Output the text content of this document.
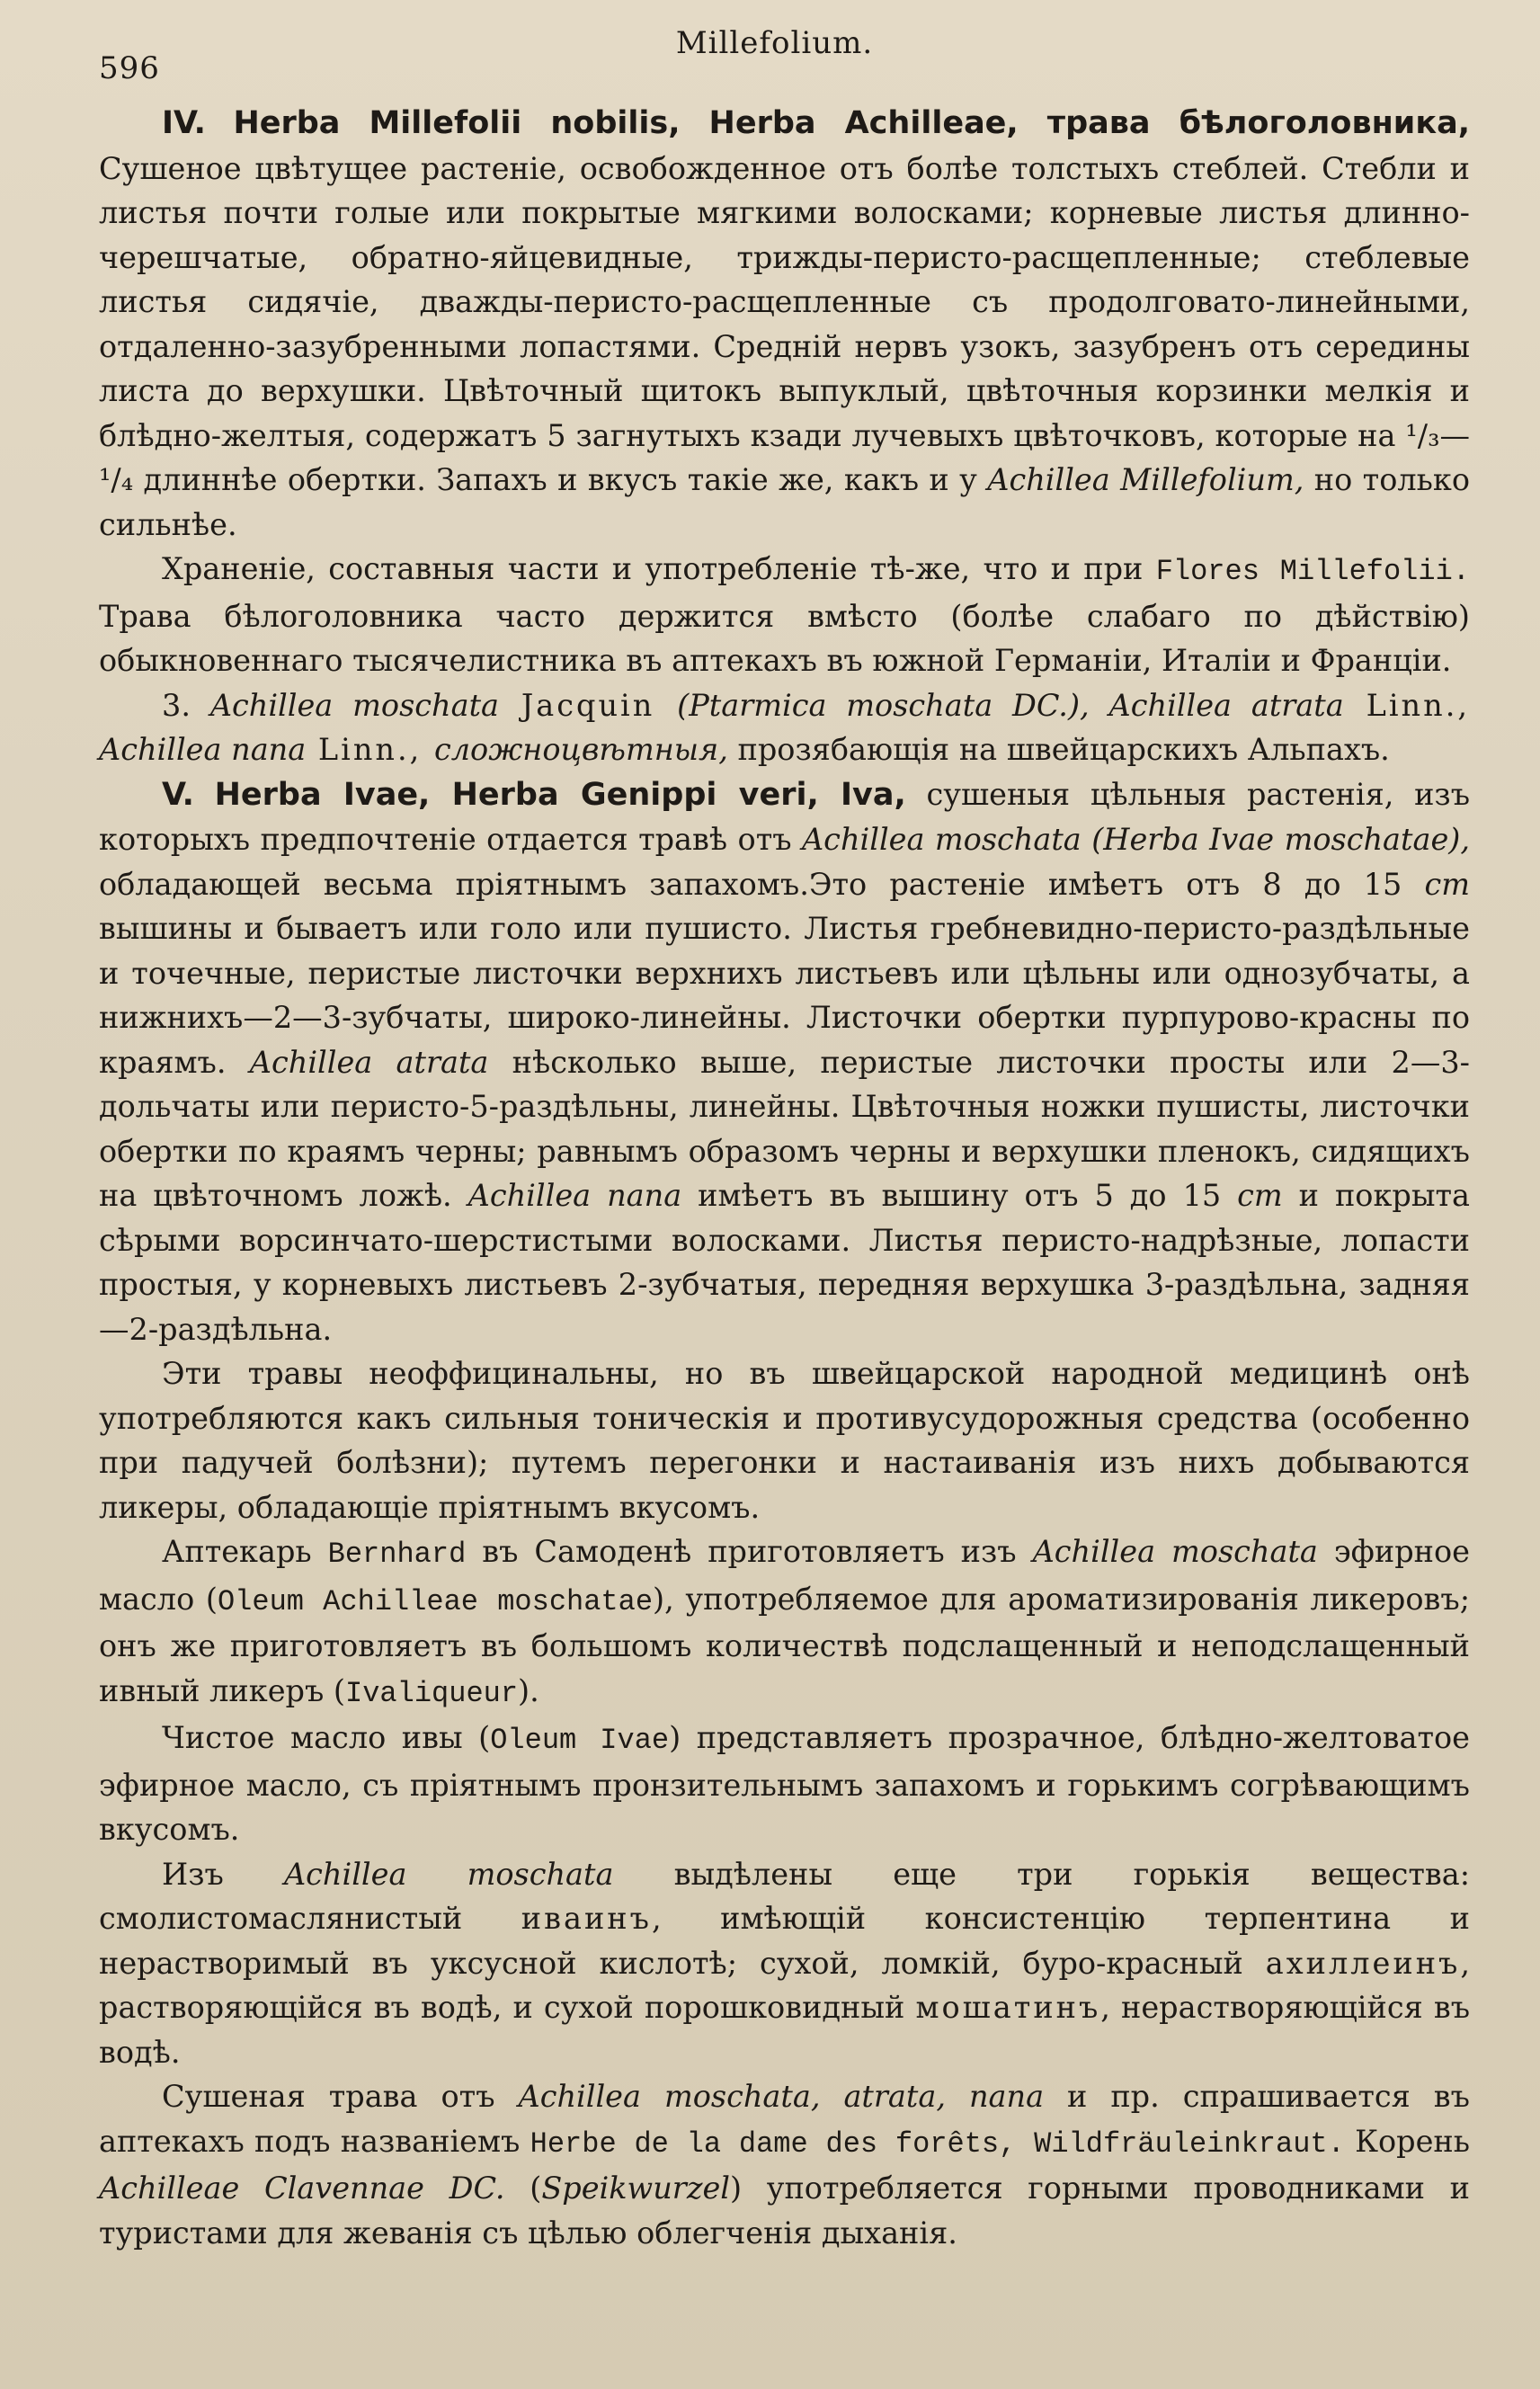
596
Millefolium.

IV. Herba Millefolii nobilis, Herba Achilleae, трава бѣлоголовника, Сушеное цвѣтущее растеніе, освобожденное отъ болѣе толстыхъ стеблей. Стебли и листья почти голые или покрытые мягкими волосками; корневые листья длинно-черешчатые, обратно-яйцевидные, трижды-перисто-расщепленные; стеблевые листья сидячіе, дважды-перисто-расщепленные съ продолговато-линейными, отдаленно-зазубренными лопастями. Средній нервъ узокъ, зазубренъ отъ середины листа до верхушки. Цвѣточный щитокъ выпуклый, цвѣточныя корзинки мелкія и блѣдно-желтыя, содержатъ 5 загнутыхъ кзади лучевыхъ цвѣточковъ, которые на ¹/₃—¹/₄ длиннѣе обертки. Запахъ и вкусъ такіе же, какъ и у Achillea Millefolium, но только сильнѣе.

Храненіе, составныя части и употребленіе тѣ-же, что и при Flores Millefolii. Трава бѣлоголовника часто держится вмѣсто (болѣе слабаго по дѣйствію) обыкновеннаго тысячелистника въ аптекахъ въ южной Германіи, Италіи и Франціи.

3. Achillea moschata Jacquin (Ptarmica moschata DC.), Achillea atrata Linn., Achillea nana Linn., сложноцвѣтныя, прозябающія на швейцарскихъ Альпахъ.

V. Herba Ivae, Herba Genippi veri, Iva, сушеныя цѣльныя растенія, изъ которыхъ предпочтеніе отдается травѣ отъ Achillea moschata (Herba Ivae moschatae), обладающей весьма пріятнымъ запахомъ.Это растеніе имѣетъ отъ 8 до 15 cm вышины и бываетъ или голо или пушисто. Листья гребневидно-перисто-раздѣльные и точечные, перистые листочки верхнихъ листьевъ или цѣльны или однозубчаты, а нижнихъ—2—3-зубчаты, широко-линейны. Листочки обертки пурпурово-красны по краямъ. Achillea atrata нѣсколько выше, перистые листочки просты или 2—3-дольчаты или перисто-5-раздѣльны, линейны. Цвѣточныя ножки пушисты, листочки обертки по краямъ черны; равнымъ образомъ черны и верхушки пленокъ, сидящихъ на цвѣточномъ ложѣ. Achillea nana имѣетъ въ вышину отъ 5 до 15 cm и покрыта сѣрыми ворсинчато-шерстистыми волосками. Листья перисто-надрѣзные, лопасти простыя, у корневыхъ листьевъ 2-зубчатыя, передняя верхушка 3-раздѣльна, задняя—2-раздѣльна.

Эти травы неоффицинальны, но въ швейцарской народной медицинѣ онѣ употребляются какъ сильныя тоническія и противусудорожныя средства (особенно при падучей болѣзни); путемъ перегонки и настаиванія изъ нихъ добываются ликеры, обладающіе пріятнымъ вкусомъ.

Аптекарь Bernhard въ Самоденѣ приготовляетъ изъ Achillea moschata эфирное масло (Oleum Achilleae moschatae), употребляемое для ароматизированія ликеровъ; онъ же приготовляетъ въ большомъ количествѣ подслащенный и неподслащенный ивный ликеръ (Ivaliqueur).

Чистое масло ивы (Oleum Ivae) представляетъ прозрачное, блѣдно-желтоватое эфирное масло, съ пріятнымъ пронзительнымъ запахомъ и горькимъ согрѣвающимъ вкусомъ.

Изъ Achillea moschata выдѣлены еще три горькія вещества: смолистомаслянистый иваинъ, имѣющій консистенцію терпентина и нерастворимый въ уксусной кислотѣ; сухой, ломкій, буро-красный ахиллеинъ, растворяющійся въ водѣ, и сухой порошковидный мошатинъ, нерастворяющійся въ водѣ.

Сушеная трава отъ Achillea moschata, atrata, nana и пр. спрашивается въ аптекахъ подъ названіемъ Herbe de la dame des forêts, Wildfräuleinkraut. Корень Achilleae Clavennae DC. (Speikwurzel) употребляется горными проводниками и туристами для жеванія съ цѣлью облегченія дыханія.
